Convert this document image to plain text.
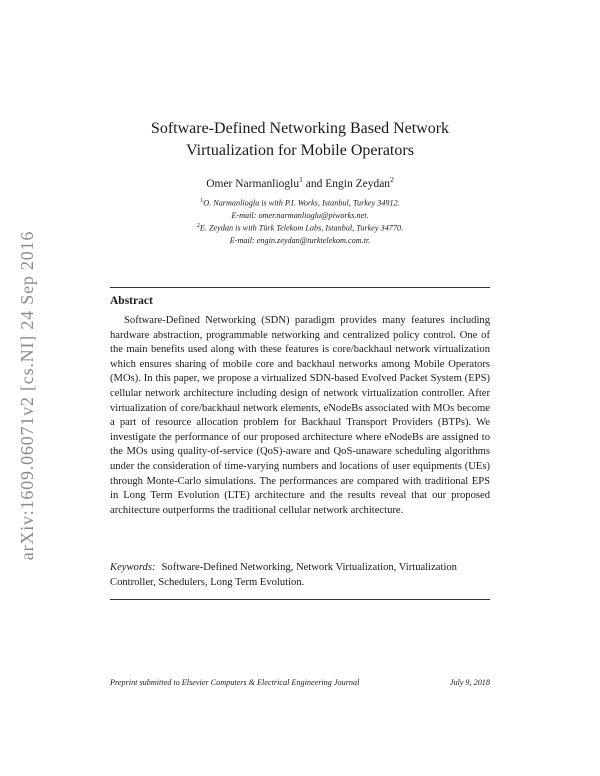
arXiv:1609.06071v2 [cs.NI] 24 Sep 2016
Software-Defined Networking Based Network
Virtualization for Mobile Operators
Omer Narmanlioglu$^1$ and Engin Zeydan$^2$
$^1$O. Narmanlioglu is with P.I. Works, Istanbul, Turkey 34912.
E-mail: omer.narmanlioglu@piworks.net.
$^2$E. Zeydan is with Türk Telekom Labs, Istanbul, Turkey 34770.
E-mail: engin.zeydan@turktelekom.com.tr.
Abstract
Software-Defined Networking (SDN) paradigm provides many features including hardware abstraction, programmable networking and centralized policy control. One of the main benefits used along with these features is core/backhaul network virtualization which ensures sharing of mobile core and backhaul networks among Mobile Operators (MOs). In this paper, we propose a virtualized SDN-based Evolved Packet System (EPS) cellular network architecture including design of network virtualization controller. After virtualization of core/backhaul network elements, eNodeBs associated with MOs become a part of resource allocation problem for Backhaul Transport Providers (BTPs). We investigate the performance of our proposed architecture where eNodeBs are assigned to the MOs using quality-of-service (QoS)-aware and QoS-unaware scheduling algorithms under the consideration of time-varying numbers and locations of user equipments (UEs) through Monte-Carlo simulations. The performances are compared with traditional EPS in Long Term Evolution (LTE) architecture and the results reveal that our proposed architecture outperforms the traditional cellular network architecture.
Keywords: Software-Defined Networking, Network Virtualization, Virtualization Controller, Schedulers, Long Term Evolution.
Preprint submitted to Elsevier Computers & Electrical Engineering Journal	July 9, 2018
